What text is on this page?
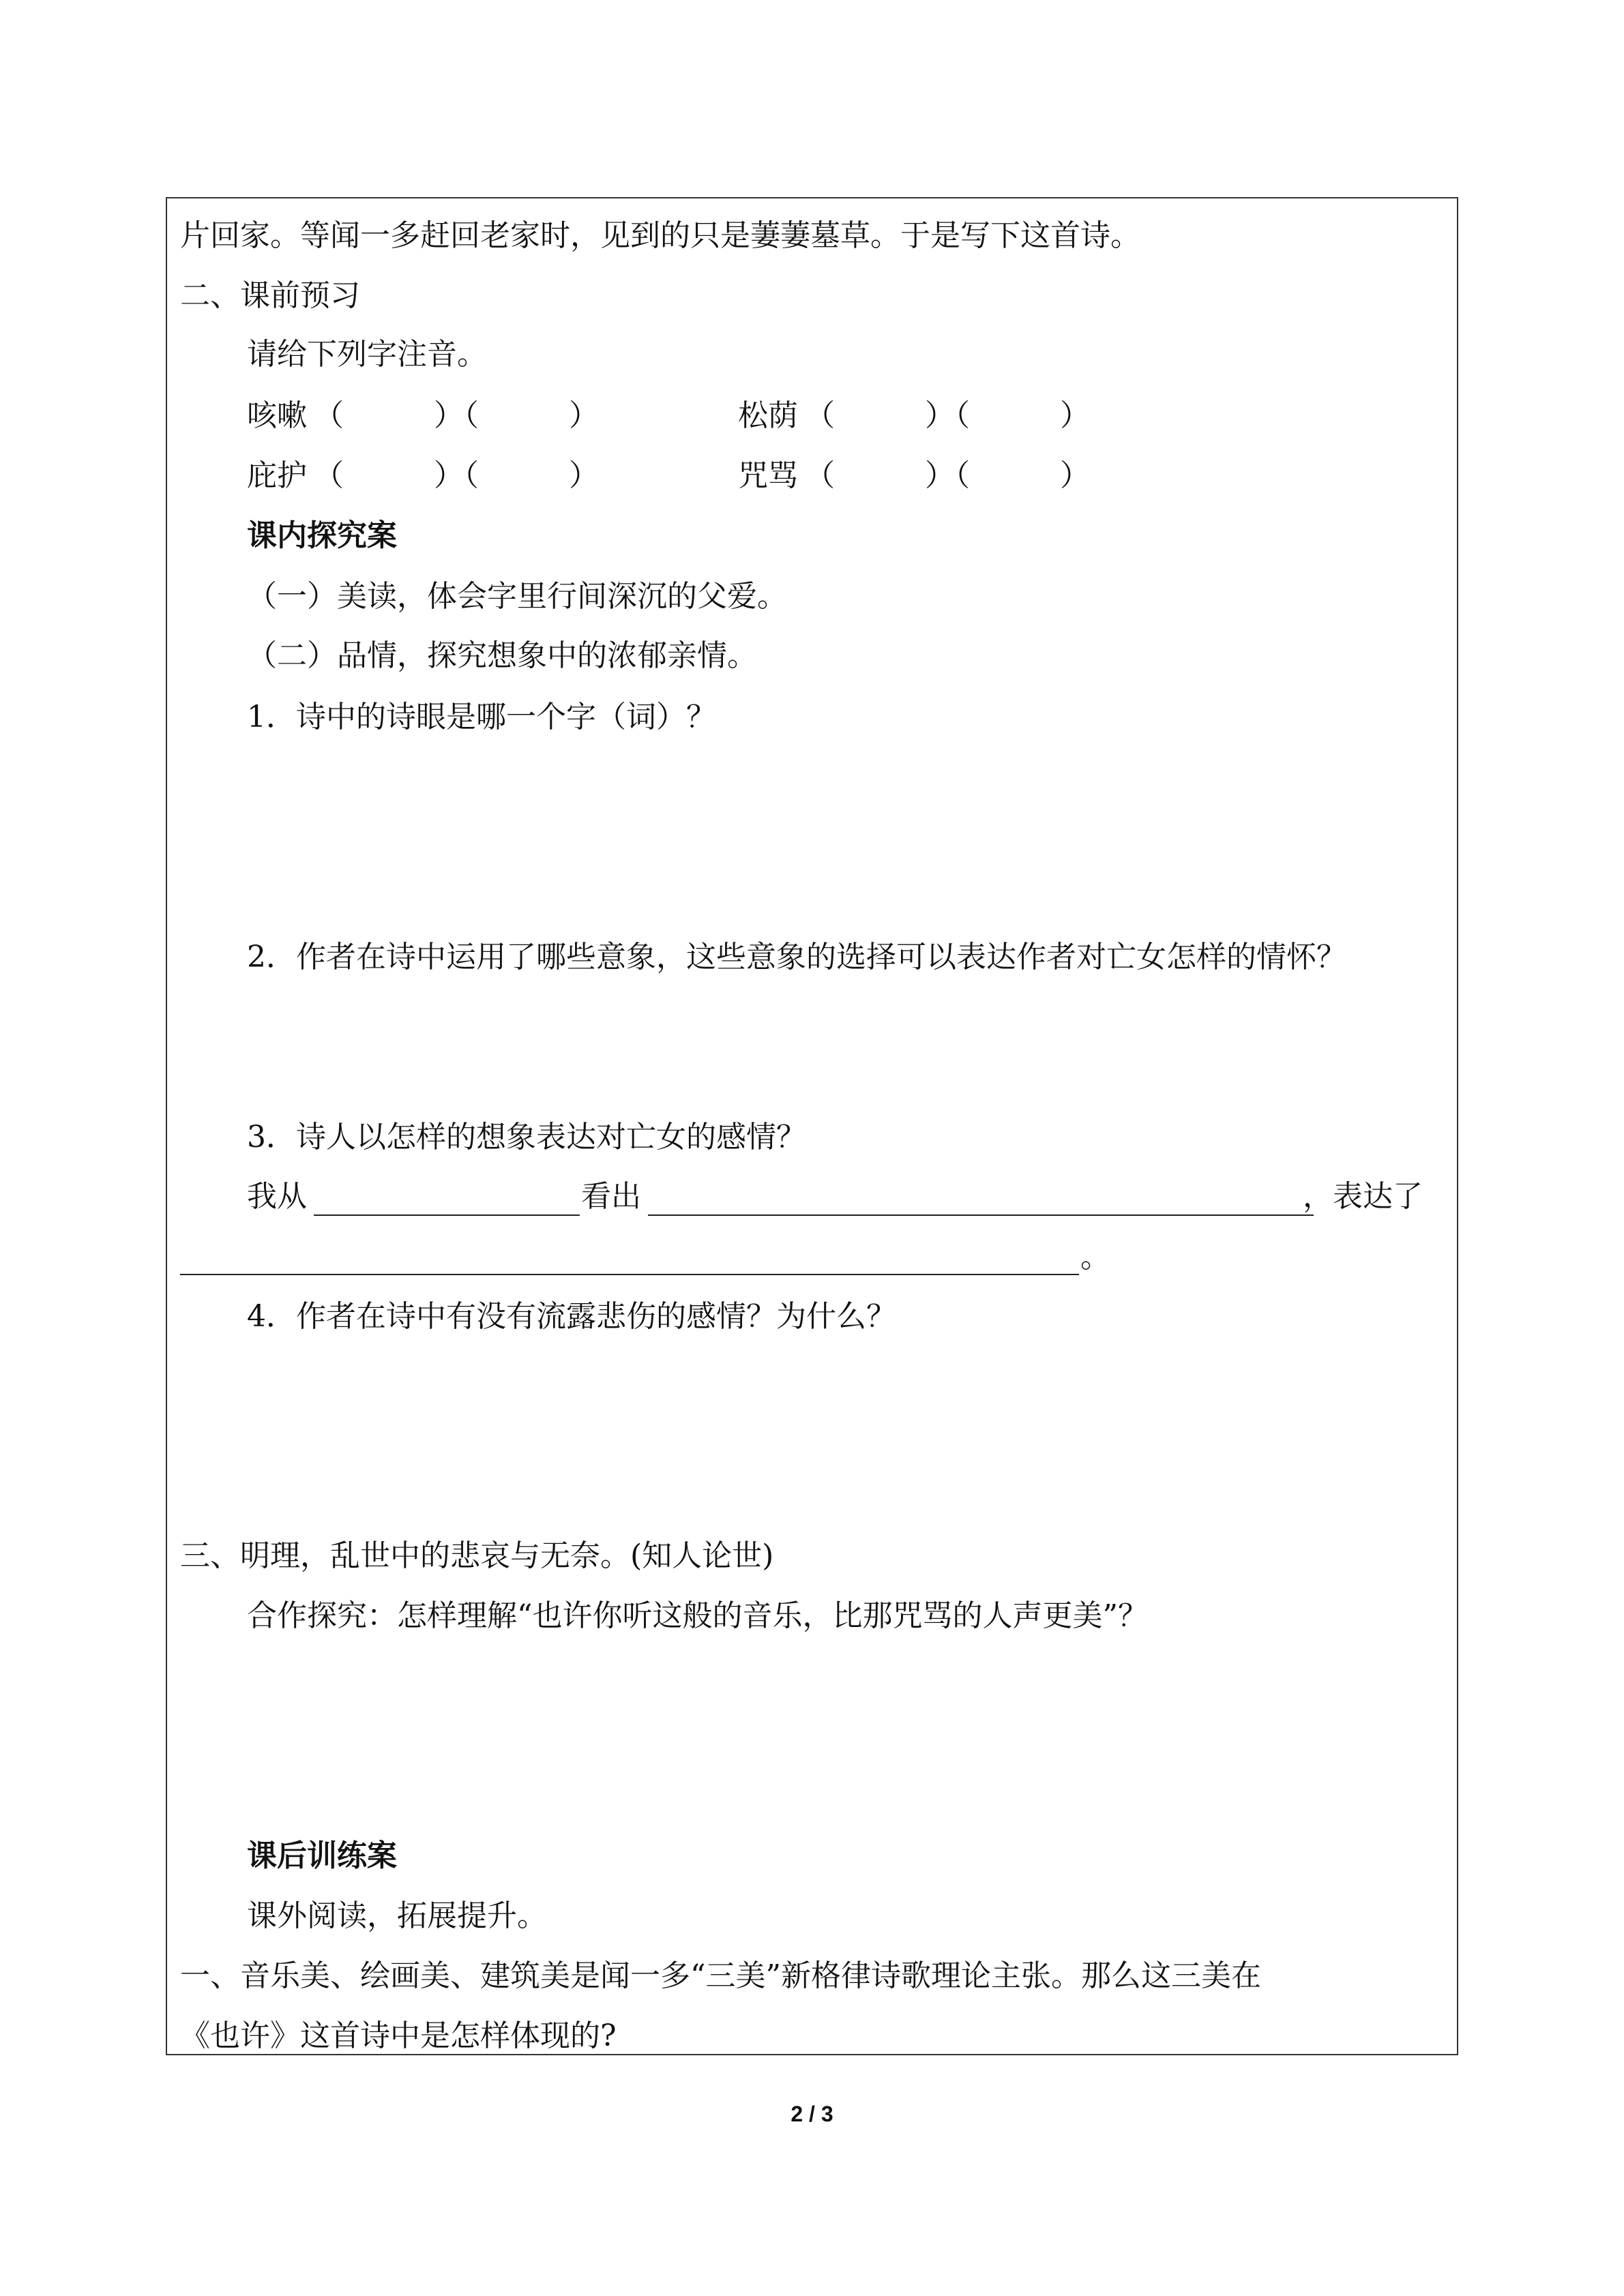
片回家。等闻一多赶回老家时，见到的只是萋萋墓草。于是写下这首诗。
二、课前预习
请给下列字注音。
咳嗽 （　　　）（　　　）	松荫 （　　　）（　　　）
庇护 （　　　）（　　　）	咒骂 （　　　）（　　　）
课内探究案
（一）美读，体会字里行间深沉的父爱。
（二）品情，探究想象中的浓郁亲情。
1．诗中的诗眼是哪一个字（词）？
2．作者在诗中运用了哪些意象，这些意象的选择可以表达作者对亡女怎样的情怀？
3．诗人以怎样的想象表达对亡女的感情？
我从	看出	，表达了
。
4．作者在诗中有没有流露悲伤的感情？为什么？
三、明理，乱世中的悲哀与无奈。(知人论世)
合作探究：怎样理解“也许你听这般的音乐，比那咒骂的人声更美”？
课后训练案
课外阅读，拓展提升。
一、音乐美、绘画美、建筑美是闻一多“三美”新格律诗歌理论主张。那么这三美在
《也许》这首诗中是怎样体现的?
2 / 3
